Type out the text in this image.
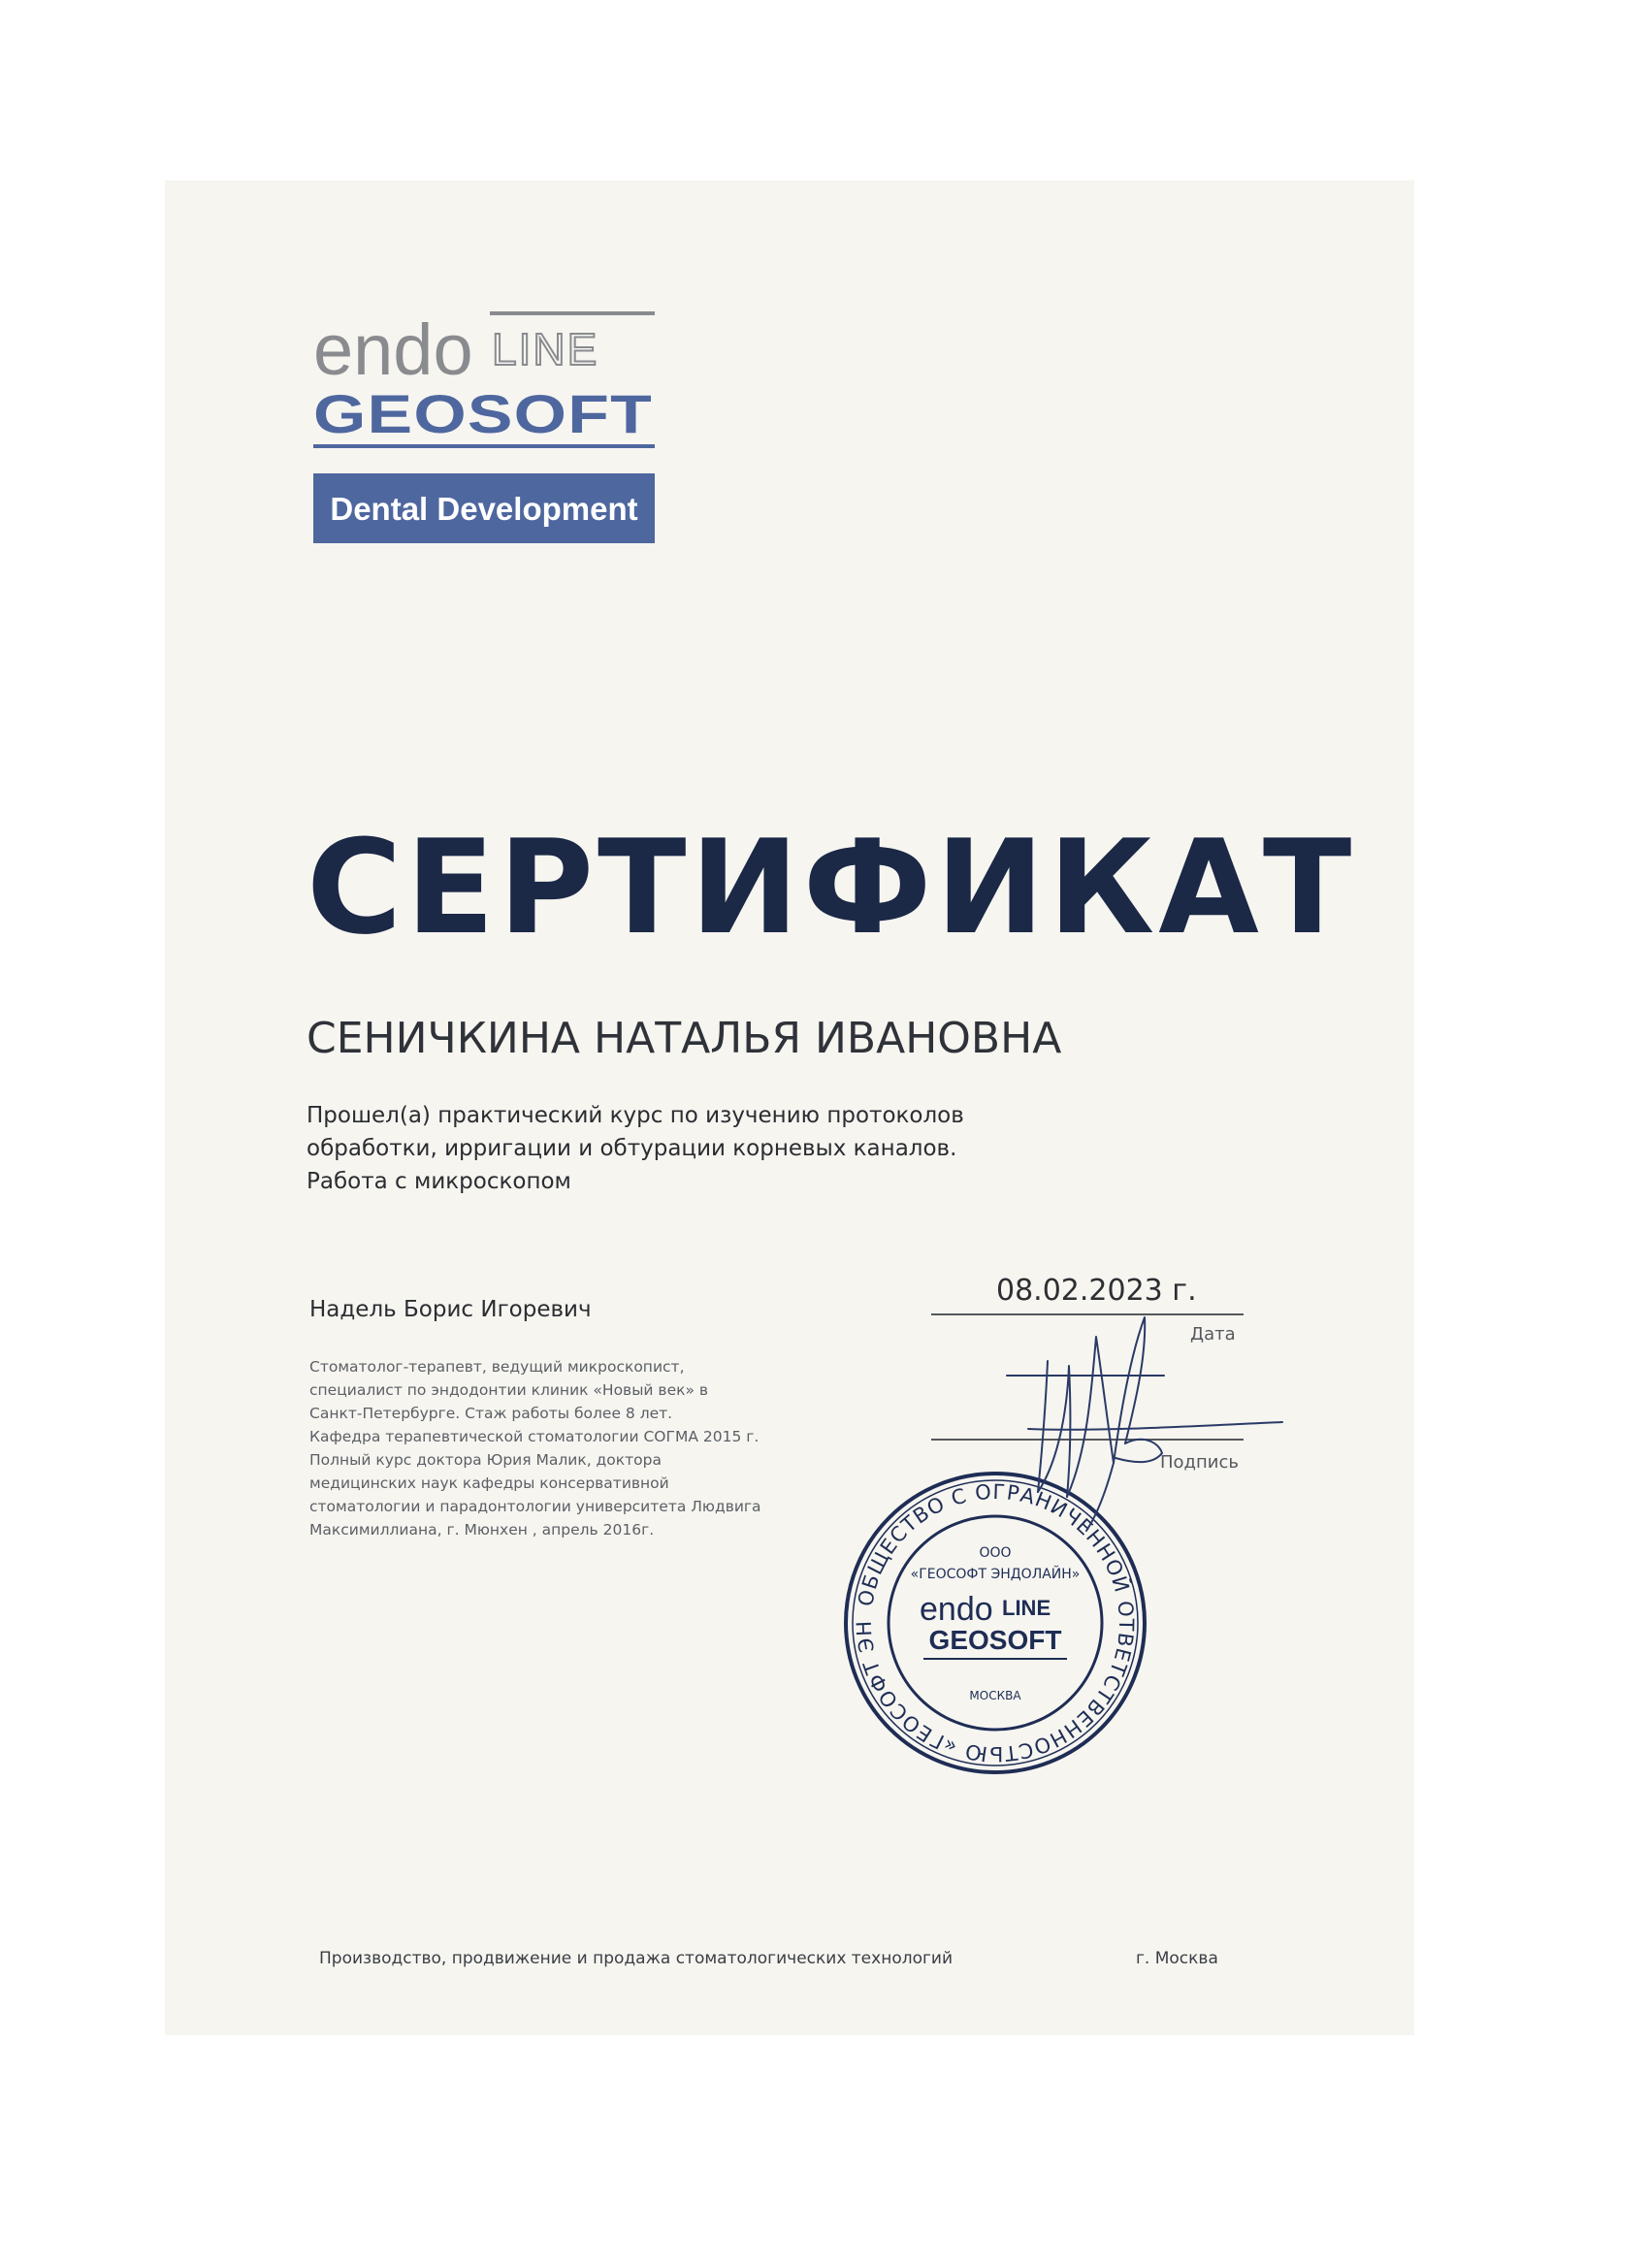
endo LINE
GEOSOFT
Dental Development
СЕРТИФИКАТ
СЕНИЧКИНА НАТАЛЬЯ ИВАНОВНА

Прошел(а) практический курс по изучению протоколов
обработки, ирригации и обтурации корневых каналов.
Работа с микроскопом

Надель Борис Игоревич

Стоматолог-терапевт, ведущий микроскопист,
специалист по эндодонтии клиник «Новый век» в
Санкт-Петербурге. Стаж работы более 8 лет.
Кафедра терапевтической стоматологии СОГМА 2015 г.
Полный курс доктора Юрия Малик, доктора
медицинских наук кафедры консервативной
стоматологии и парадонтологии университета Людвига
Максимиллиана, г. Мюнхен , апрель 2016г.

08.02.2023 г.
Дата
Подпись
ОБЩЕСТВО С ОГРАНИЧЕННОЙ ОТВЕТСТВЕННОСТЬЮ «ГЕОСОФТ ЭН
ООО
«ГЕОСОФТ ЭНДОЛАЙН»
endo LINE
GEOSOFT
МОСКВА
Производство, продвижение и продажа стоматологических технологий	г. Москва
